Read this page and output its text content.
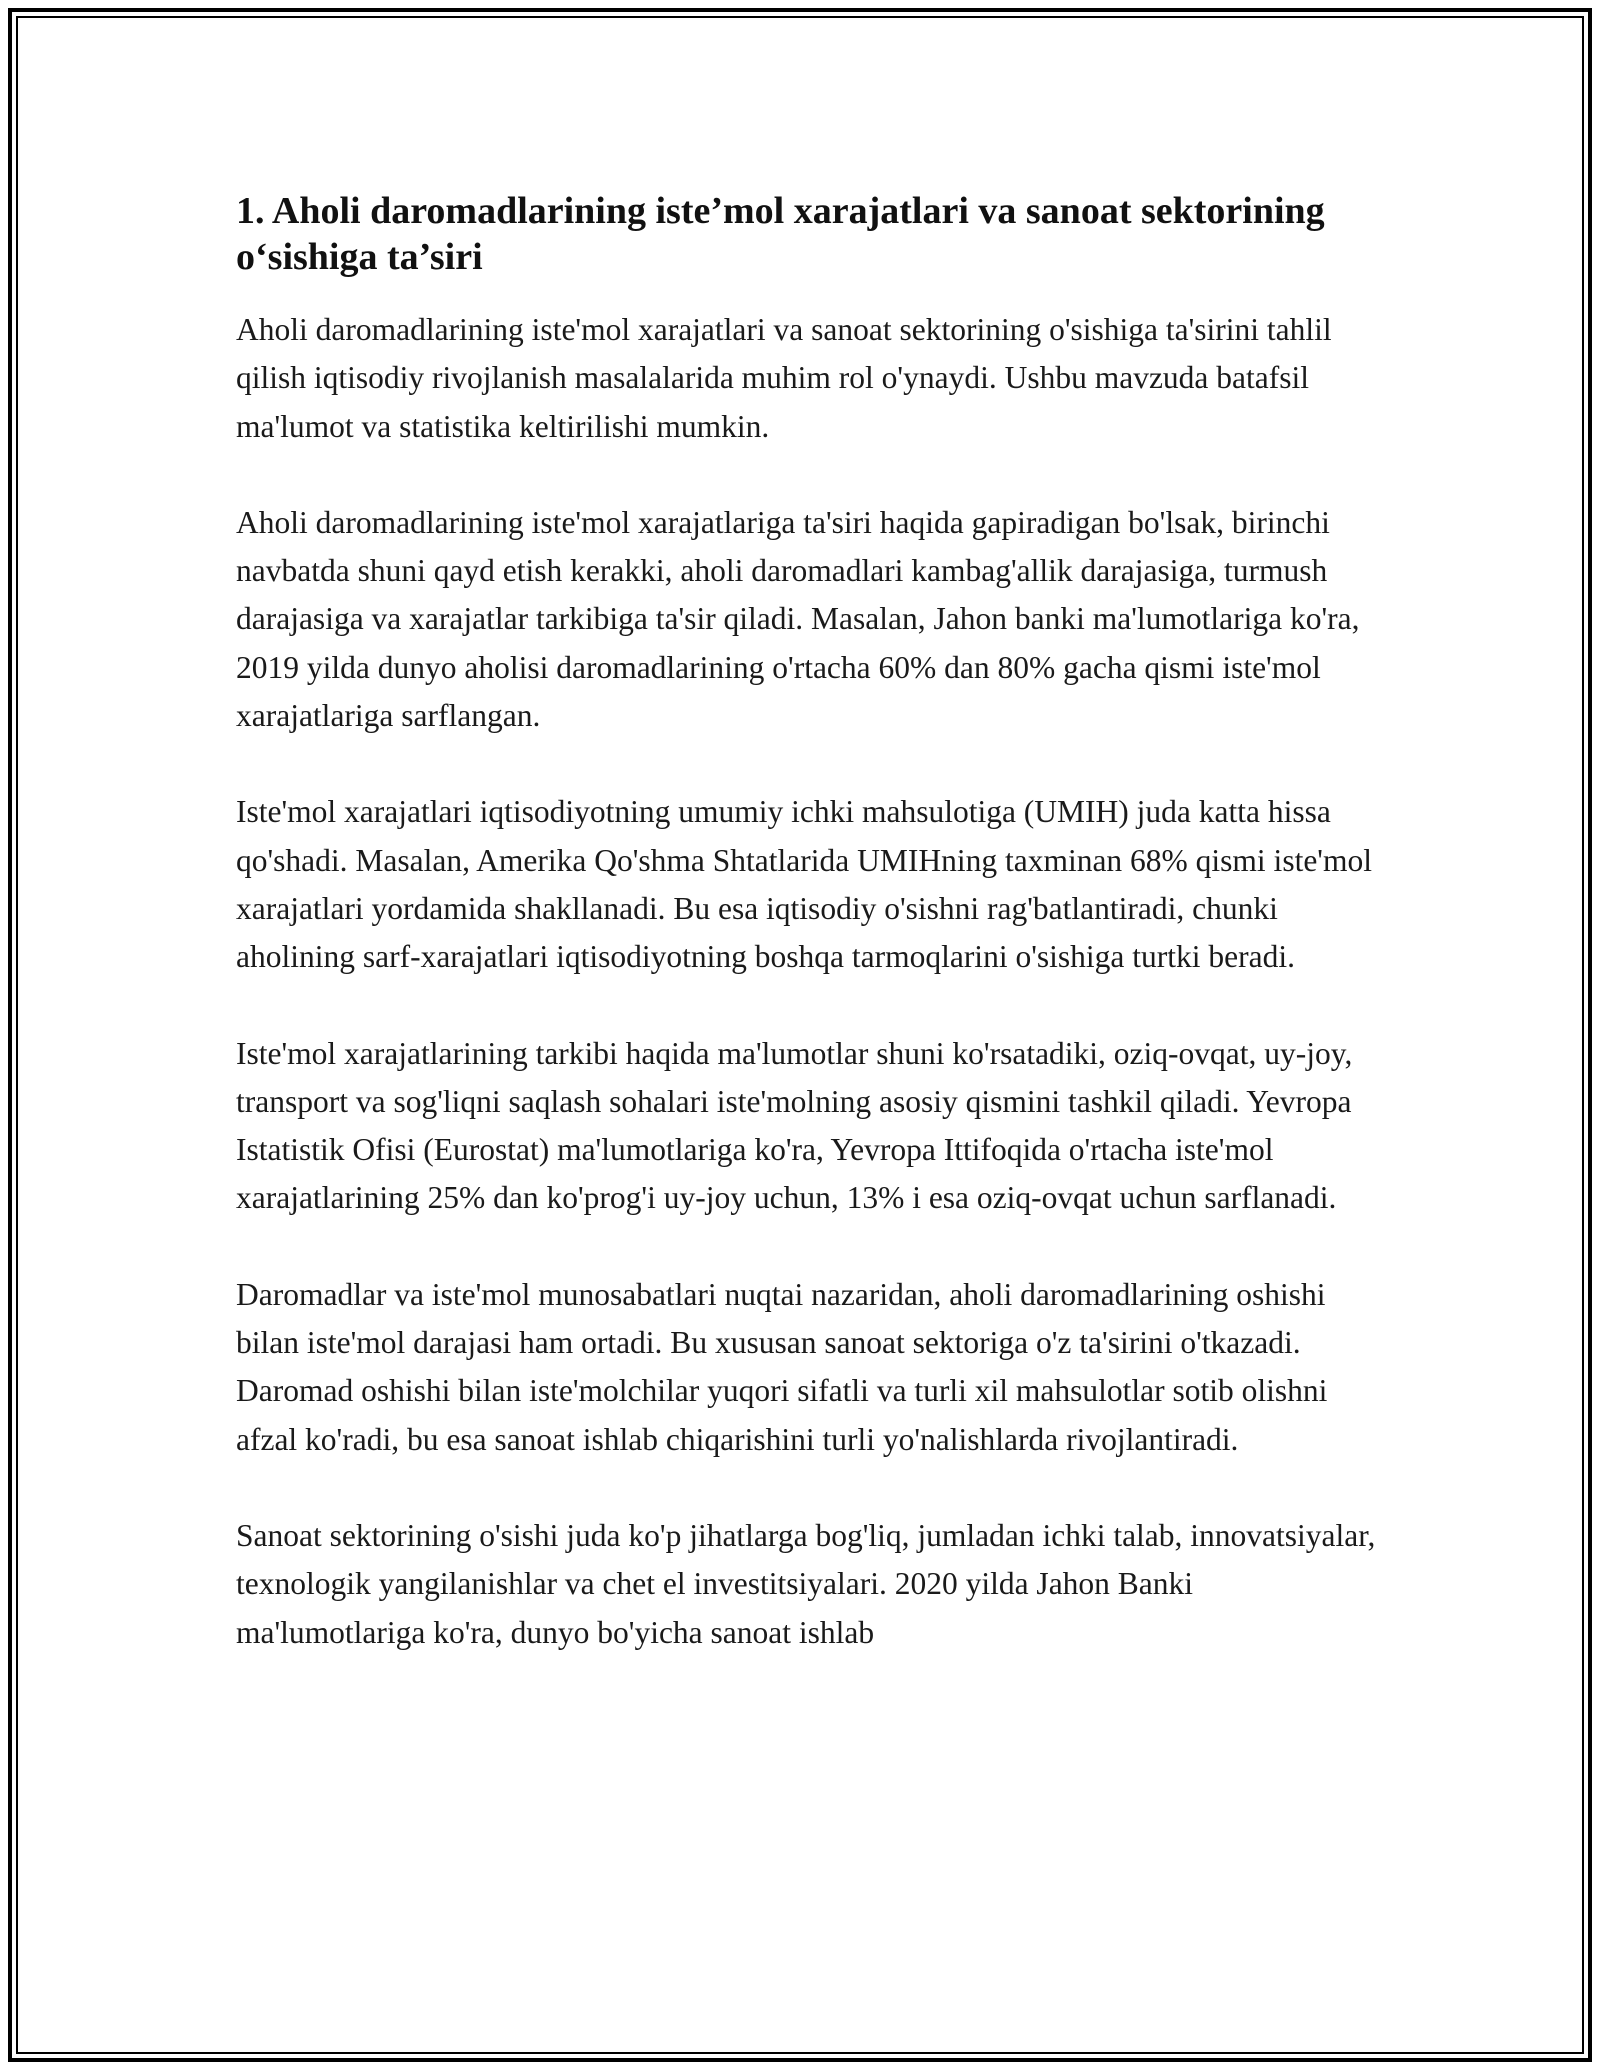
1. Aholi daromadlarining iste’mol xarajatlari va sanoat sektorining o‘sishiga ta’siri

Aholi daromadlarining iste'mol xarajatlari va sanoat sektorining o'sishiga ta'sirini tahlil qilish iqtisodiy rivojlanish masalalarida muhim rol o'ynaydi. Ushbu mavzuda batafsil ma'lumot va statistika keltirilishi mumkin.

Aholi daromadlarining iste'mol xarajatlariga ta'siri haqida gapiradigan bo'lsak, birinchi navbatda shuni qayd etish kerakki, aholi daromadlari kambag'allik darajasiga, turmush darajasiga va xarajatlar tarkibiga ta'sir qiladi. Masalan, Jahon banki ma'lumotlariga ko'ra, 2019 yilda dunyo aholisi daromadlarining o'rtacha 60% dan 80% gacha qismi iste'mol xarajatlariga sarflangan.

Iste'mol xarajatlari iqtisodiyotning umumiy ichki mahsulotiga (UMIH) juda katta hissa qo'shadi. Masalan, Amerika Qo'shma Shtatlarida UMIHning taxminan 68% qismi iste'mol xarajatlari yordamida shakllanadi. Bu esa iqtisodiy o'sishni rag'batlantiradi, chunki aholining sarf-xarajatlari iqtisodiyotning boshqa tarmoqlarini o'sishiga turtki beradi.

Iste'mol xarajatlarining tarkibi haqida ma'lumotlar shuni ko'rsatadiki, oziq-ovqat, uy-joy, transport va sog'liqni saqlash sohalari iste'molning asosiy qismini tashkil qiladi. Yevropa Istatistik Ofisi (Eurostat) ma'lumotlariga ko'ra, Yevropa Ittifoqida o'rtacha iste'mol xarajatlarining 25% dan ko'prog'i uy-joy uchun, 13% i esa oziq-ovqat uchun sarflanadi.

Daromadlar va iste'mol munosabatlari nuqtai nazaridan, aholi daromadlarining oshishi bilan iste'mol darajasi ham ortadi. Bu xususan sanoat sektoriga o'z ta'sirini o'tkazadi. Daromad oshishi bilan iste'molchilar yuqori sifatli va turli xil mahsulotlar sotib olishni afzal ko'radi, bu esa sanoat ishlab chiqarishini turli yo'nalishlarda rivojlantiradi.

Sanoat sektorining o'sishi juda ko'p jihatlarga bog'liq, jumladan ichki talab, innovatsiyalar, texnologik yangilanishlar va chet el investitsiyalari. 2020 yilda Jahon Banki ma'lumotlariga ko'ra, dunyo bo'yicha sanoat ishlab
